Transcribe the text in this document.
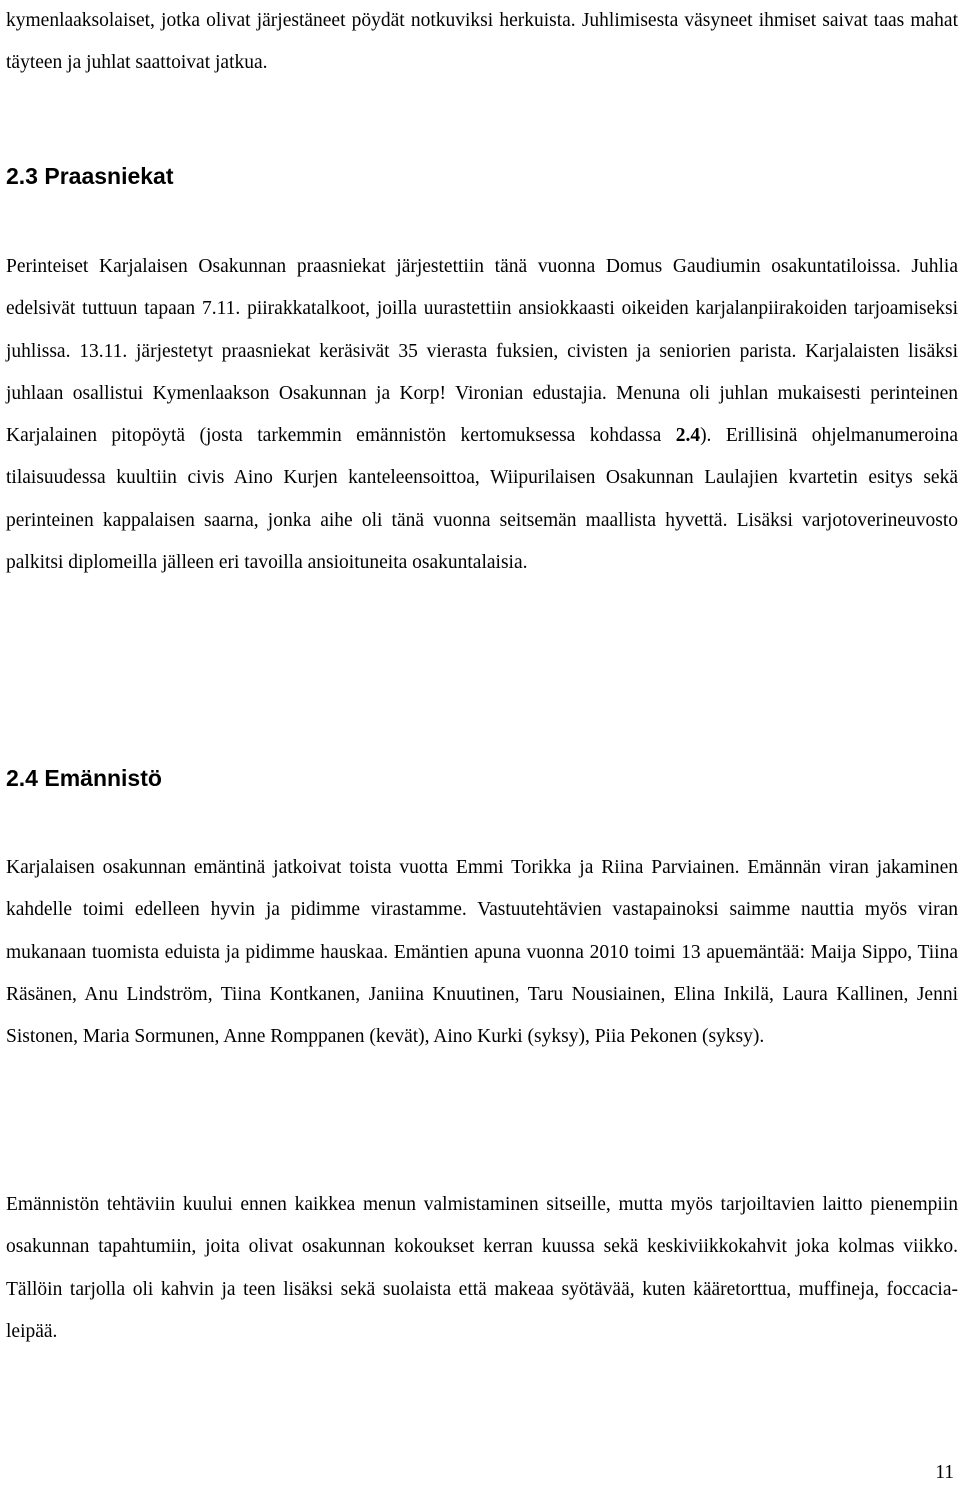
kymenlaaksolaiset, jotka olivat järjestäneet pöydät notkuviksi herkuista. Juhlimisesta väsyneet ihmiset saivat taas mahat täyteen ja juhlat saattoivat jatkua.

2.3 Praasniekat

Perinteiset Karjalaisen Osakunnan praasniekat järjestettiin tänä vuonna Domus Gaudiumin osakuntatiloissa. Juhlia edelsivät tuttuun tapaan 7.11. piirakkatalkoot, joilla uurastettiin ansiokkaasti oikeiden karjalanpiirakoiden tarjoamiseksi juhlissa. 13.11. järjestetyt praasniekat keräsivät 35 vierasta fuksien, civisten ja seniorien parista. Karjalaisten lisäksi juhlaan osallistui Kymenlaakson Osakunnan ja Korp! Vironian edustajia. Menuna oli juhlan mukaisesti perinteinen Karjalainen pitopöytä (josta tarkemmin emännistön kertomuksessa kohdassa 2.4). Erillisinä ohjelmanumeroina tilaisuudessa kuultiin civis Aino Kurjen kanteleensoittoa, Wiipurilaisen Osakunnan Laulajien kvartetin esitys sekä perinteinen kappalaisen saarna, jonka aihe oli tänä vuonna seitsemän maallista hyvettä. Lisäksi varjotoverineuvosto palkitsi diplomeilla jälleen eri tavoilla ansioituneita osakuntalaisia.

2.4 Emännistö

Karjalaisen osakunnan emäntinä jatkoivat toista vuotta Emmi Torikka ja Riina Parviainen. Emännän viran jakaminen kahdelle toimi edelleen hyvin ja pidimme virastamme. Vastuutehtävien vastapainoksi saimme nauttia myös viran mukanaan tuomista eduista ja pidimme hauskaa. Emäntien apuna vuonna 2010 toimi 13 apuemäntää: Maija Sippo, Tiina Räsänen, Anu Lindström, Tiina Kontkanen, Janiina Knuutinen, Taru Nousiainen, Elina Inkilä, Laura Kallinen, Jenni Sistonen, Maria Sormunen, Anne Romppanen (kevät), Aino Kurki (syksy), Piia Pekonen (syksy).

Emännistön tehtäviin kuului ennen kaikkea menun valmistaminen sitseille, mutta myös tarjoiltavien laitto pienempiin osakunnan tapahtumiin, joita olivat osakunnan kokoukset kerran kuussa sekä keskiviikkokahvit joka kolmas viikko. Tällöin tarjolla oli kahvin ja teen lisäksi sekä suolaista että makeaa syötävää, kuten kääretorttua, muffineja, foccacia-leipää.

11
